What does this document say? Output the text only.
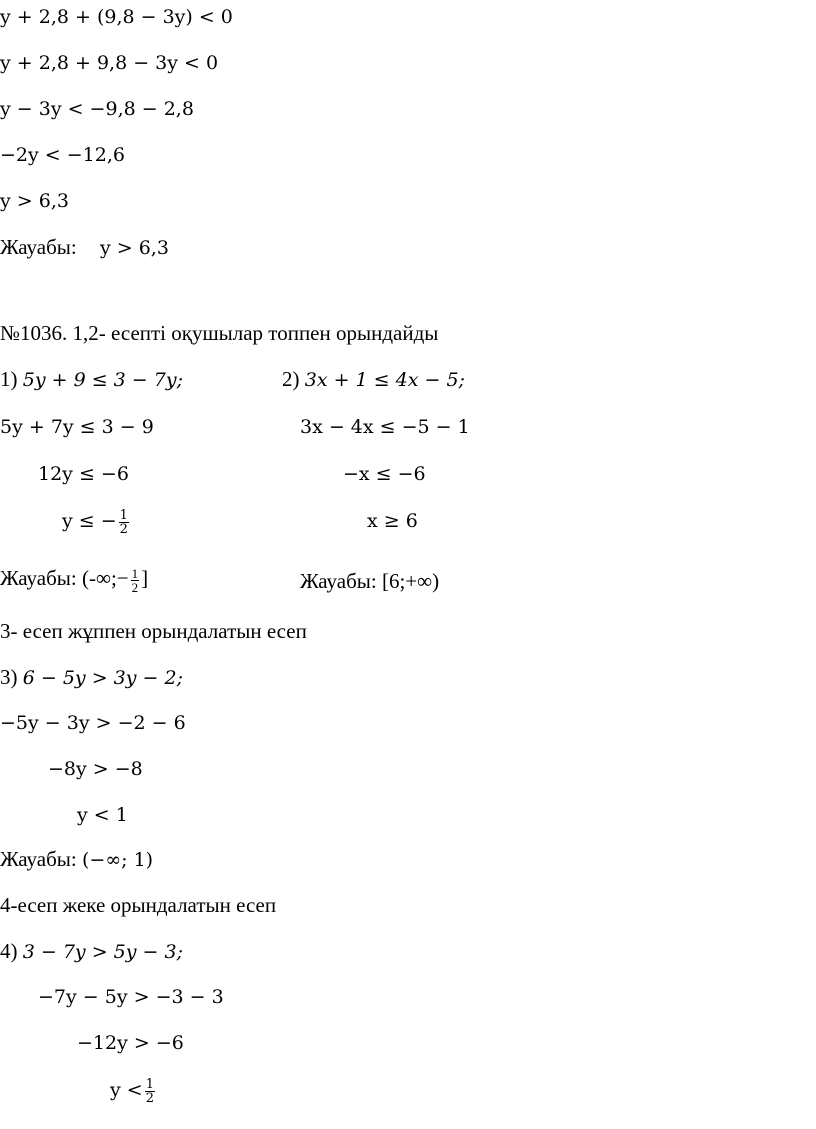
y + 2,8 + (9,8 − 3y) < 0
y + 2,8 + 9,8 − 3y < 0
y − 3y < −9,8 − 2,8
−2y < −12,6
y > 6,3
Жауабы: y > 6,3
№1036. 1,2- есепті оқушылар топпен орындайды
1) 5y + 9 ≤ 3 − 7y;	2) 3x + 1 ≤ 4x − 5;
5y + 7y ≤ 3 − 9	3x − 4x ≤ −5 − 1
12y ≤ −6	−x ≤ −6
y ≤ − $\frac{1}{2}$	x ≥ 6
Жауабы: (-∞;− $\frac{1}{2}$ ]	Жауабы: [6;+∞)
3- есеп жұппен орындалатын есеп
3) 6 − 5y > 3y − 2;
−5y − 3y > −2 − 6
−8y > −8
y < 1
Жауабы: (−∞; 1)
4-есеп жеке орындалатын есеп
4) 3 − 7y > 5y − 3;
−7y − 5y > −3 − 3
−12y > −6
$y < \frac{1}{2}$
